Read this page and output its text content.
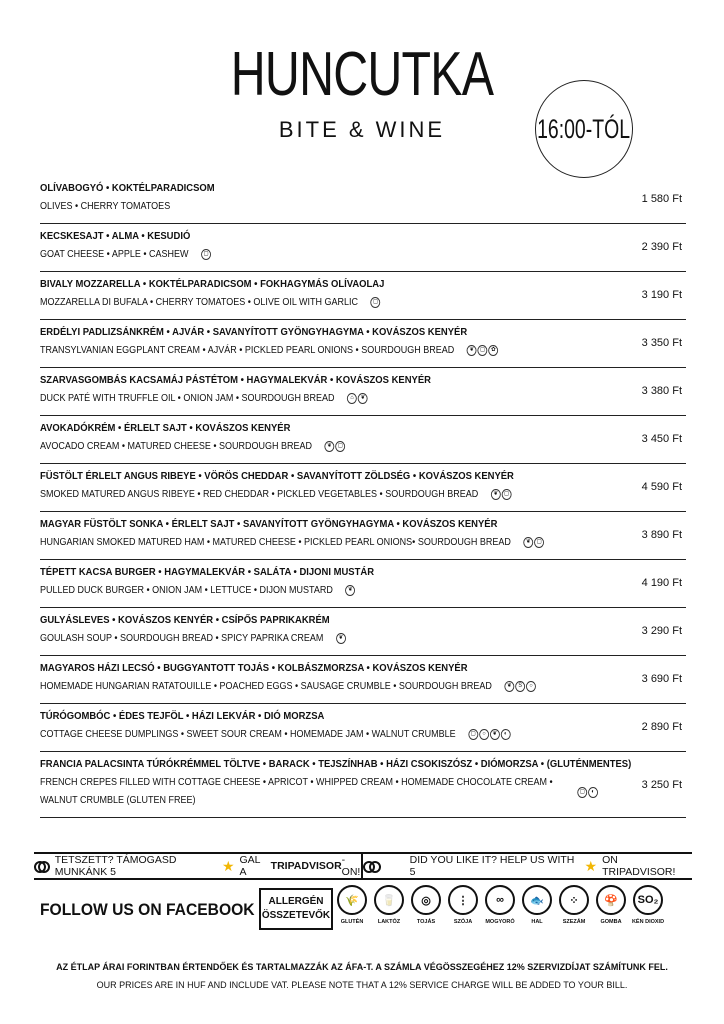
HUNCUTKA
BITE & WINE	16:00-TÓL
OLÍVABOGYÓ • KOKTÉLPARADICSOM
OLIVES • CHERRY TOMATOES
1 580 Ft
KECSKESAJT • ALMA • KESUDIÓ
GOAT CHEESE • APPLE • CASHEW	▢
2 390 Ft
BIVALY MOZZARELLA • KOKTÉLPARADICSOM • FOKHAGYMÁS OLÍVAOLAJ
MOZZARELLA DI BUFALA • CHERRY TOMATOES • OLIVE OIL WITH GARLIC	▢
3 190 Ft
ERDÉLYI PADLIZSÁNKRÉM • AJVÁR • SAVANYÍTOTT GYÖNGYHAGYMA • KOVÁSZOS KENYÉR
TRANSYLVANIAN EGGPLANT CREAM • AJVÁR • PICKLED PEARL ONIONS • SOURDOUGH BREAD	❦ ▢ ✿
3 350 Ft
SZARVASGOMBÁS KACSAMÁJ PÁSTÉTOM • HAGYMALEKVÁR • KOVÁSZOS KENYÉR
DUCK PATÉ WITH TRUFFLE OIL • ONION JAM • SOURDOUGH BREAD	⌂	❦
3 380 Ft
AVOKADÓKRÉM • ÉRLELT SAJT • KOVÁSZOS KENYÉR
AVOCADO CREAM • MATURED CHEESE • SOURDOUGH BREAD	❦ ▢
3 450 Ft
FÜSTÖLT ÉRLELT ANGUS RIBEYE • VÖRÖS CHEDDAR • SAVANYÍTOTT ZÖLDSÉG • KOVÁSZOS KENYÉR
SMOKED MATURED ANGUS RIBEYE • RED CHEDDAR • PICKLED VEGETABLES • SOURDOUGH BREAD	❦ ▢
4 590 Ft
MAGYAR FÜSTÖLT SONKA • ÉRLELT SAJT • SAVANYÍTOTT GYÖNGYHAGYMA • KOVÁSZOS KENYÉR
HUNGARIAN SMOKED MATURED HAM • MATURED CHEESE • PICKLED PEARL ONIONS• SOURDOUGH BREAD	❦ ▢
3 890 Ft
TÉPETT KACSA BURGER • HAGYMALEKVÁR • SALÁTA • DIJONI MUSTÁR
PULLED DUCK BURGER • ONION JAM • LETTUCE • DIJON MUSTARD	❦
4 190 Ft
GULYÁSLEVES • KOVÁSZOS KENYÉR • CSÍPŐS PAPRIKAKRÉM
GOULASH SOUP • SOURDOUGH BREAD • SPICY PAPRIKA CREAM	❦
3 290 Ft
MAGYAROS HÁZI LECSÓ • BUGGYANTOTT TOJÁS • KOLBÁSZMORZSA • KOVÁSZOS KENYÉR
HOMEMADE HUNGARIAN RATATOUILLE • POACHED EGGS • SAUSAGE CRUMBLE • SOURDOUGH BREAD	❦	S	○
3 690 Ft
TÚRÓGOMBÓC • ÉDES TEJFÖL • HÁZI LEKVÁR • DIÓ MORZSA
COTTAGE CHEESE DUMPLINGS • SWEET SOUR CREAM • HOMEMADE JAM • WALNUT CRUMBLE	▢	○	❦	◐
2 890 Ft
FRANCIA PALACSINTA TÚRÓKRÉMMEL TÖLTVE • BARACK • TEJSZÍNHAB • HÁZI CSOKISZÓSZ • DIÓMORZSA • (GLUTÉNMENTES)
FRENCH CREPES FILLED WITH COTTAGE CHEESE • APRICOT • WHIPPED CREAM • HOMEMADE CHOCOLATE CREAM • WALNUT CRUMBLE (GLUTEN FREE)
▢	◐
3 250 Ft
TETSZETT? TÁMOGASD MUNKÁNK 5	★ GAL A	TRIPADVISOR -ON!
DID YOU LIKE IT? HELP US WITH 5	★ ON TRIPADVISOR!
FOLLOW US ON FACEBOOK ALLERGÉN
ÖSSZETEVŐK
🌾
GLUTÉN
🥛
LAKTÓZ
◎
TOJÁS
⋮
SZÓJA
∞
MOGYORÓ
🐟
HAL
⁘
SZEZÁM
🍄
GOMBA
SO₂
KÉN DIOXID
AZ ÉTLAP ÁRAI FORINTBAN ÉRTENDŐEK ÉS TARTALMAZZÁK AZ ÁFA-T. A SZÁMLA VÉGÖSSZEGÉHEZ 12% SZERVIZDÍJAT SZÁMÍTUNK FEL.
OUR PRICES ARE IN HUF AND INCLUDE VAT. PLEASE NOTE THAT A 12% SERVICE CHARGE WILL BE ADDED TO YOUR BILL.
